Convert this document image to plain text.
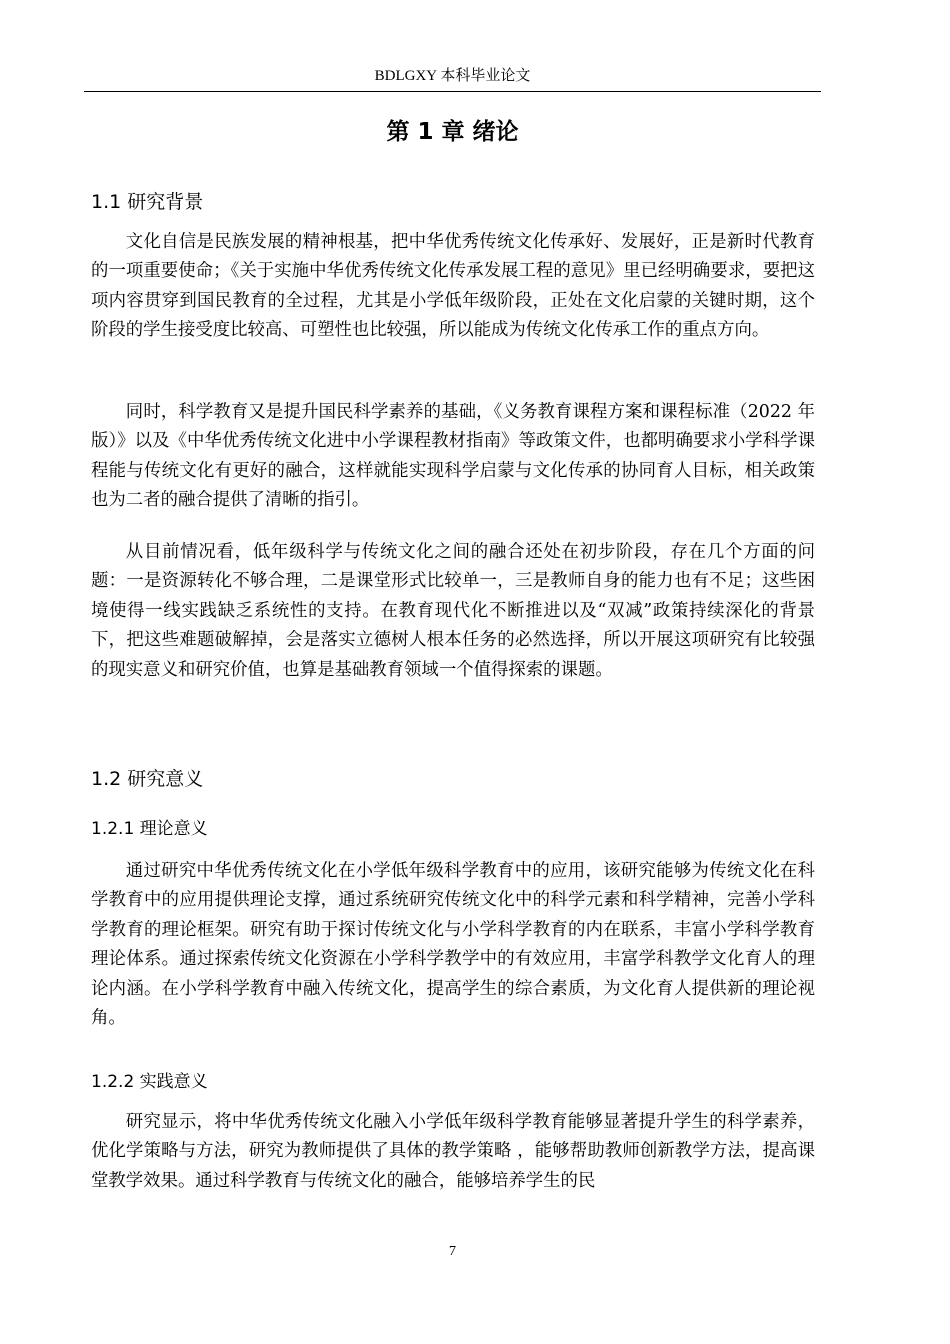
BDLGXY 本科毕业论文
第 1 章 绪论
1.1 研究背景

文化自信是民族发展的精神根基，把中华优秀传统文化传承好、发展好，正是新时代教育的一项重要使命；《关于实施中华优秀传统文化传承发展工程的意见》里已经明确要求，要把这项内容贯穿到国民教育的全过程，尤其是小学低年级阶段，正处在文化启蒙的关键时期，这个阶段的学生接受度比较高、可塑性也比较强，所以能成为传统文化传承工作的重点方向。

同时，科学教育又是提升国民科学素养的基础，《义务教育课程方案和课程标准（2022 年版）》以及《中华优秀传统文化进中小学课程教材指南》等政策文件，也都明确要求小学科学课程能与传统文化有更好的融合，这样就能实现科学启蒙与文化传承的协同育人目标，相关政策也为二者的融合提供了清晰的指引。

从目前情况看，低年级科学与传统文化之间的融合还处在初步阶段，存在几个方面的问题：一是资源转化不够合理，二是课堂形式比较单一，三是教师自身的能力也有不足；这些困境使得一线实践缺乏系统性的支持。在教育现代化不断推进以及“双减”政策持续深化的背景下，把这些难题破解掉，会是落实立德树人根本任务的必然选择，所以开展这项研究有比较强的现实意义和研究价值，也算是基础教育领域一个值得探索的课题。

1.2 研究意义
1.2.1 理论意义

通过研究中华优秀传统文化在小学低年级科学教育中的应用，该研究能够为传统文化在科学教育中的应用提供理论支撑，通过系统研究传统文化中的科学元素和科学精神，完善小学科学教育的理论框架。研究有助于探讨传统文化与小学科学教育的内在联系，丰富小学科学教育理论体系。通过探索传统文化资源在小学科学教学中的有效应用，丰富学科教学文化育人的理论内涵。在小学科学教育中融入传统文化，提高学生的综合素质，为文化育人提供新的理论视角。

1.2.2 实践意义

研究显示，将中华优秀传统文化融入小学低年级科学教育能够显著提升学生的科学素养，优化学策略与方法，研究为教师提供了具体的教学策略 ，能够帮助教师创新教学方法，提高课堂教学效果。通过科学教育与传统文化的融合，能够培养学生的民

7
